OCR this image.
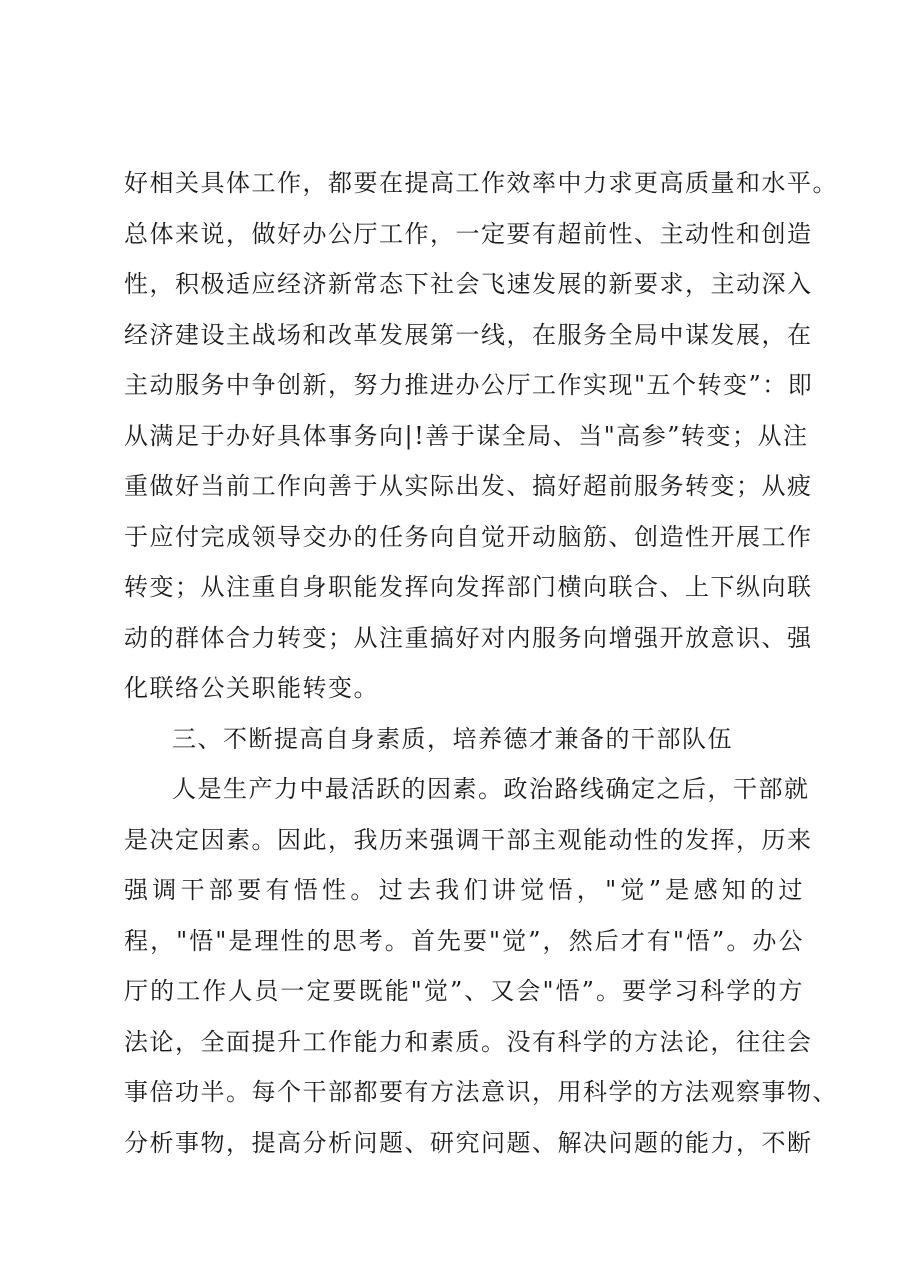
好相关具体工作，都要在提高工作效率中力求更高质量和水平。
总体来说，做好办公厅工作，一定要有超前性、主动性和创造
性，积极适应经济新常态下社会飞速发展的新要求，主动深入
经济建设主战场和改革发展第一线，在服务全局中谋发展，在
主动服务中争创新，努力推进办公厅工作实现"五个转变”：即
从满足于办好具体事务向|!善于谋全局、当"高参”转变；从注
重做好当前工作向善于从实际出发、搞好超前服务转变；从疲
于应付完成领导交办的任务向自觉开动脑筋、创造性开展工作
转变；从注重自身职能发挥向发挥部门横向联合、上下纵向联
动的群体合力转变；从注重搞好对内服务向增强开放意识、强
化联络公关职能转变。
三、不断提高自身素质，培养德才兼备的干部队伍
人是生产力中最活跃的因素。政治路线确定之后，干部就
是决定因素。因此，我历来强调干部主观能动性的发挥，历来
强调干部要有悟性。过去我们讲觉悟，"觉”是感知的过
程，"悟"是理性的思考。首先要"觉”，然后才有"悟”。办公
厅的工作人员一定要既能"觉”、又会"悟”。要学习科学的方
法论，全面提升工作能力和素质。没有科学的方法论，往往会
事倍功半。每个干部都要有方法意识，用科学的方法观察事物、
分析事物，提高分析问题、研究问题、解决问题的能力，不断
